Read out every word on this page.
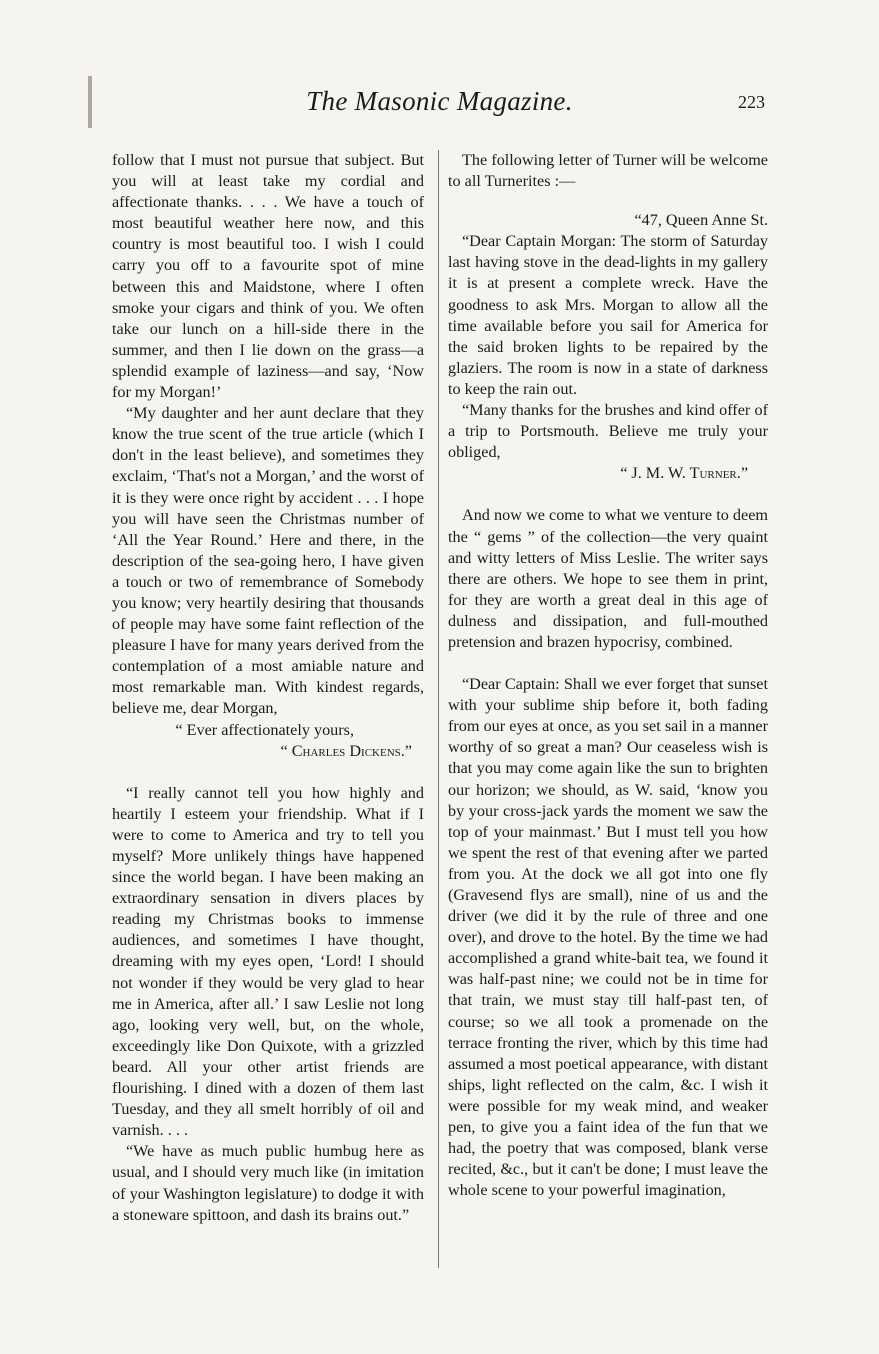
The Masonic Magazine.	223

follow that I must not pursue that subject. But you will at least take my cordial and affectionate thanks. . . . We have a touch of most beautiful weather here now, and this country is most beautiful too. I wish I could carry you off to a favourite spot of mine between this and Maidstone, where I often smoke your cigars and think of you. We often take our lunch on a hill-side there in the summer, and then I lie down on the grass—a splendid example of laziness—and say, ‘Now for my Morgan!’

“My daughter and her aunt declare that they know the true scent of the true article (which I don't in the least believe), and sometimes they exclaim, ‘That's not a Morgan,’ and the worst of it is they were once right by accident . . . I hope you will have seen the Christmas number of ‘All the Year Round.’ Here and there, in the description of the sea-going hero, I have given a touch or two of remembrance of Somebody you know; very heartily desiring that thousands of people may have some faint reflection of the pleasure I have for many years derived from the contemplation of a most amiable nature and most remarkable man. With kindest regards, believe me, dear Morgan,

“ Ever affectionately yours,

“ Charles Dickens.”

“I really cannot tell you how highly and heartily I esteem your friendship. What if I were to come to America and try to tell you myself? More unlikely things have happened since the world began. I have been making an extraordinary sensation in divers places by reading my Christmas books to immense audiences, and sometimes I have thought, dreaming with my eyes open, ‘Lord! I should not wonder if they would be very glad to hear me in America, after all.’ I saw Leslie not long ago, looking very well, but, on the whole, exceedingly like Don Quixote, with a grizzled beard. All your other artist friends are flourishing. I dined with a dozen of them last Tuesday, and they all smelt horribly of oil and varnish. . . .

“We have as much public humbug here as usual, and I should very much like (in imitation of your Washington legislature) to dodge it with a stoneware spittoon, and dash its brains out.”

The following letter of Turner will be welcome to all Turnerites :—

“47, Queen Anne St.

“Dear Captain Morgan: The storm of Saturday last having stove in the dead-lights in my gallery it is at present a complete wreck. Have the goodness to ask Mrs. Morgan to allow all the time available before you sail for America for the said broken lights to be repaired by the glaziers. The room is now in a state of darkness to keep the rain out.

“Many thanks for the brushes and kind offer of a trip to Portsmouth. Believe me truly your obliged,

“ J. M. W. Turner.”

And now we come to what we venture to deem the “ gems ” of the collection—the very quaint and witty letters of Miss Leslie. The writer says there are others. We hope to see them in print, for they are worth a great deal in this age of dulness and dissipation, and full-mouthed pretension and brazen hypocrisy, combined.

“Dear Captain: Shall we ever forget that sunset with your sublime ship before it, both fading from our eyes at once, as you set sail in a manner worthy of so great a man? Our ceaseless wish is that you may come again like the sun to brighten our horizon; we should, as W. said, ‘know you by your cross-jack yards the moment we saw the top of your mainmast.’ But I must tell you how we spent the rest of that evening after we parted from you. At the dock we all got into one fly (Gravesend flys are small), nine of us and the driver (we did it by the rule of three and one over), and drove to the hotel. By the time we had accomplished a grand white-bait tea, we found it was half-past nine; we could not be in time for that train, we must stay till half-past ten, of course; so we all took a promenade on the terrace fronting the river, which by this time had assumed a most poetical appearance, with distant ships, light reflected on the calm, &c. I wish it were possible for my weak mind, and weaker pen, to give you a faint idea of the fun that we had, the poetry that was composed, blank verse recited, &c., but it can't be done; I must leave the whole scene to your powerful imagination,
